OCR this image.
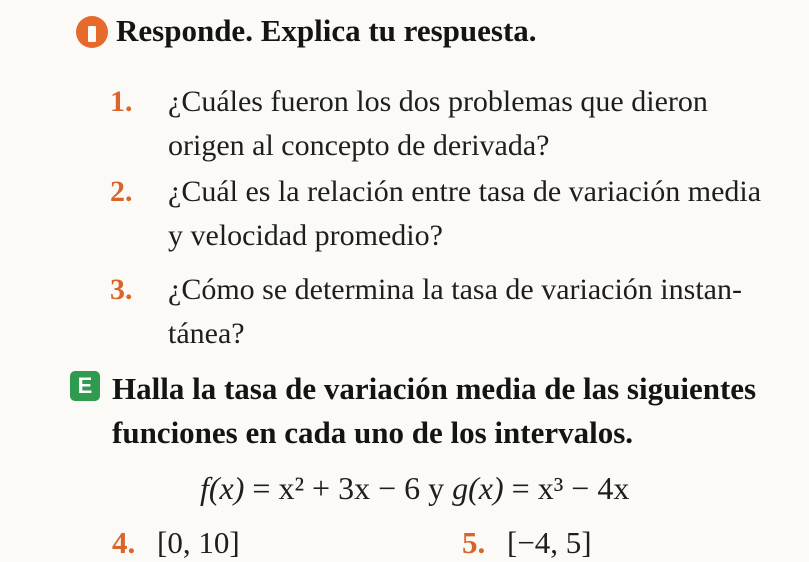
Responde. Explica tu respuesta.
1. ¿Cuáles fueron los dos problemas que dieron
origen al concepto de derivada?
2. ¿Cuál es la relación entre tasa de variación media
y velocidad promedio?
3. ¿Cómo se determina la tasa de variación instan-
tánea?
E Halla la tasa de variación media de las siguientes
funciones en cada uno de los intervalos.
f(x) = x² + 3x − 6 y g(x) = x³ − 4x
4. [0, 10]	5. [−4, 5]
